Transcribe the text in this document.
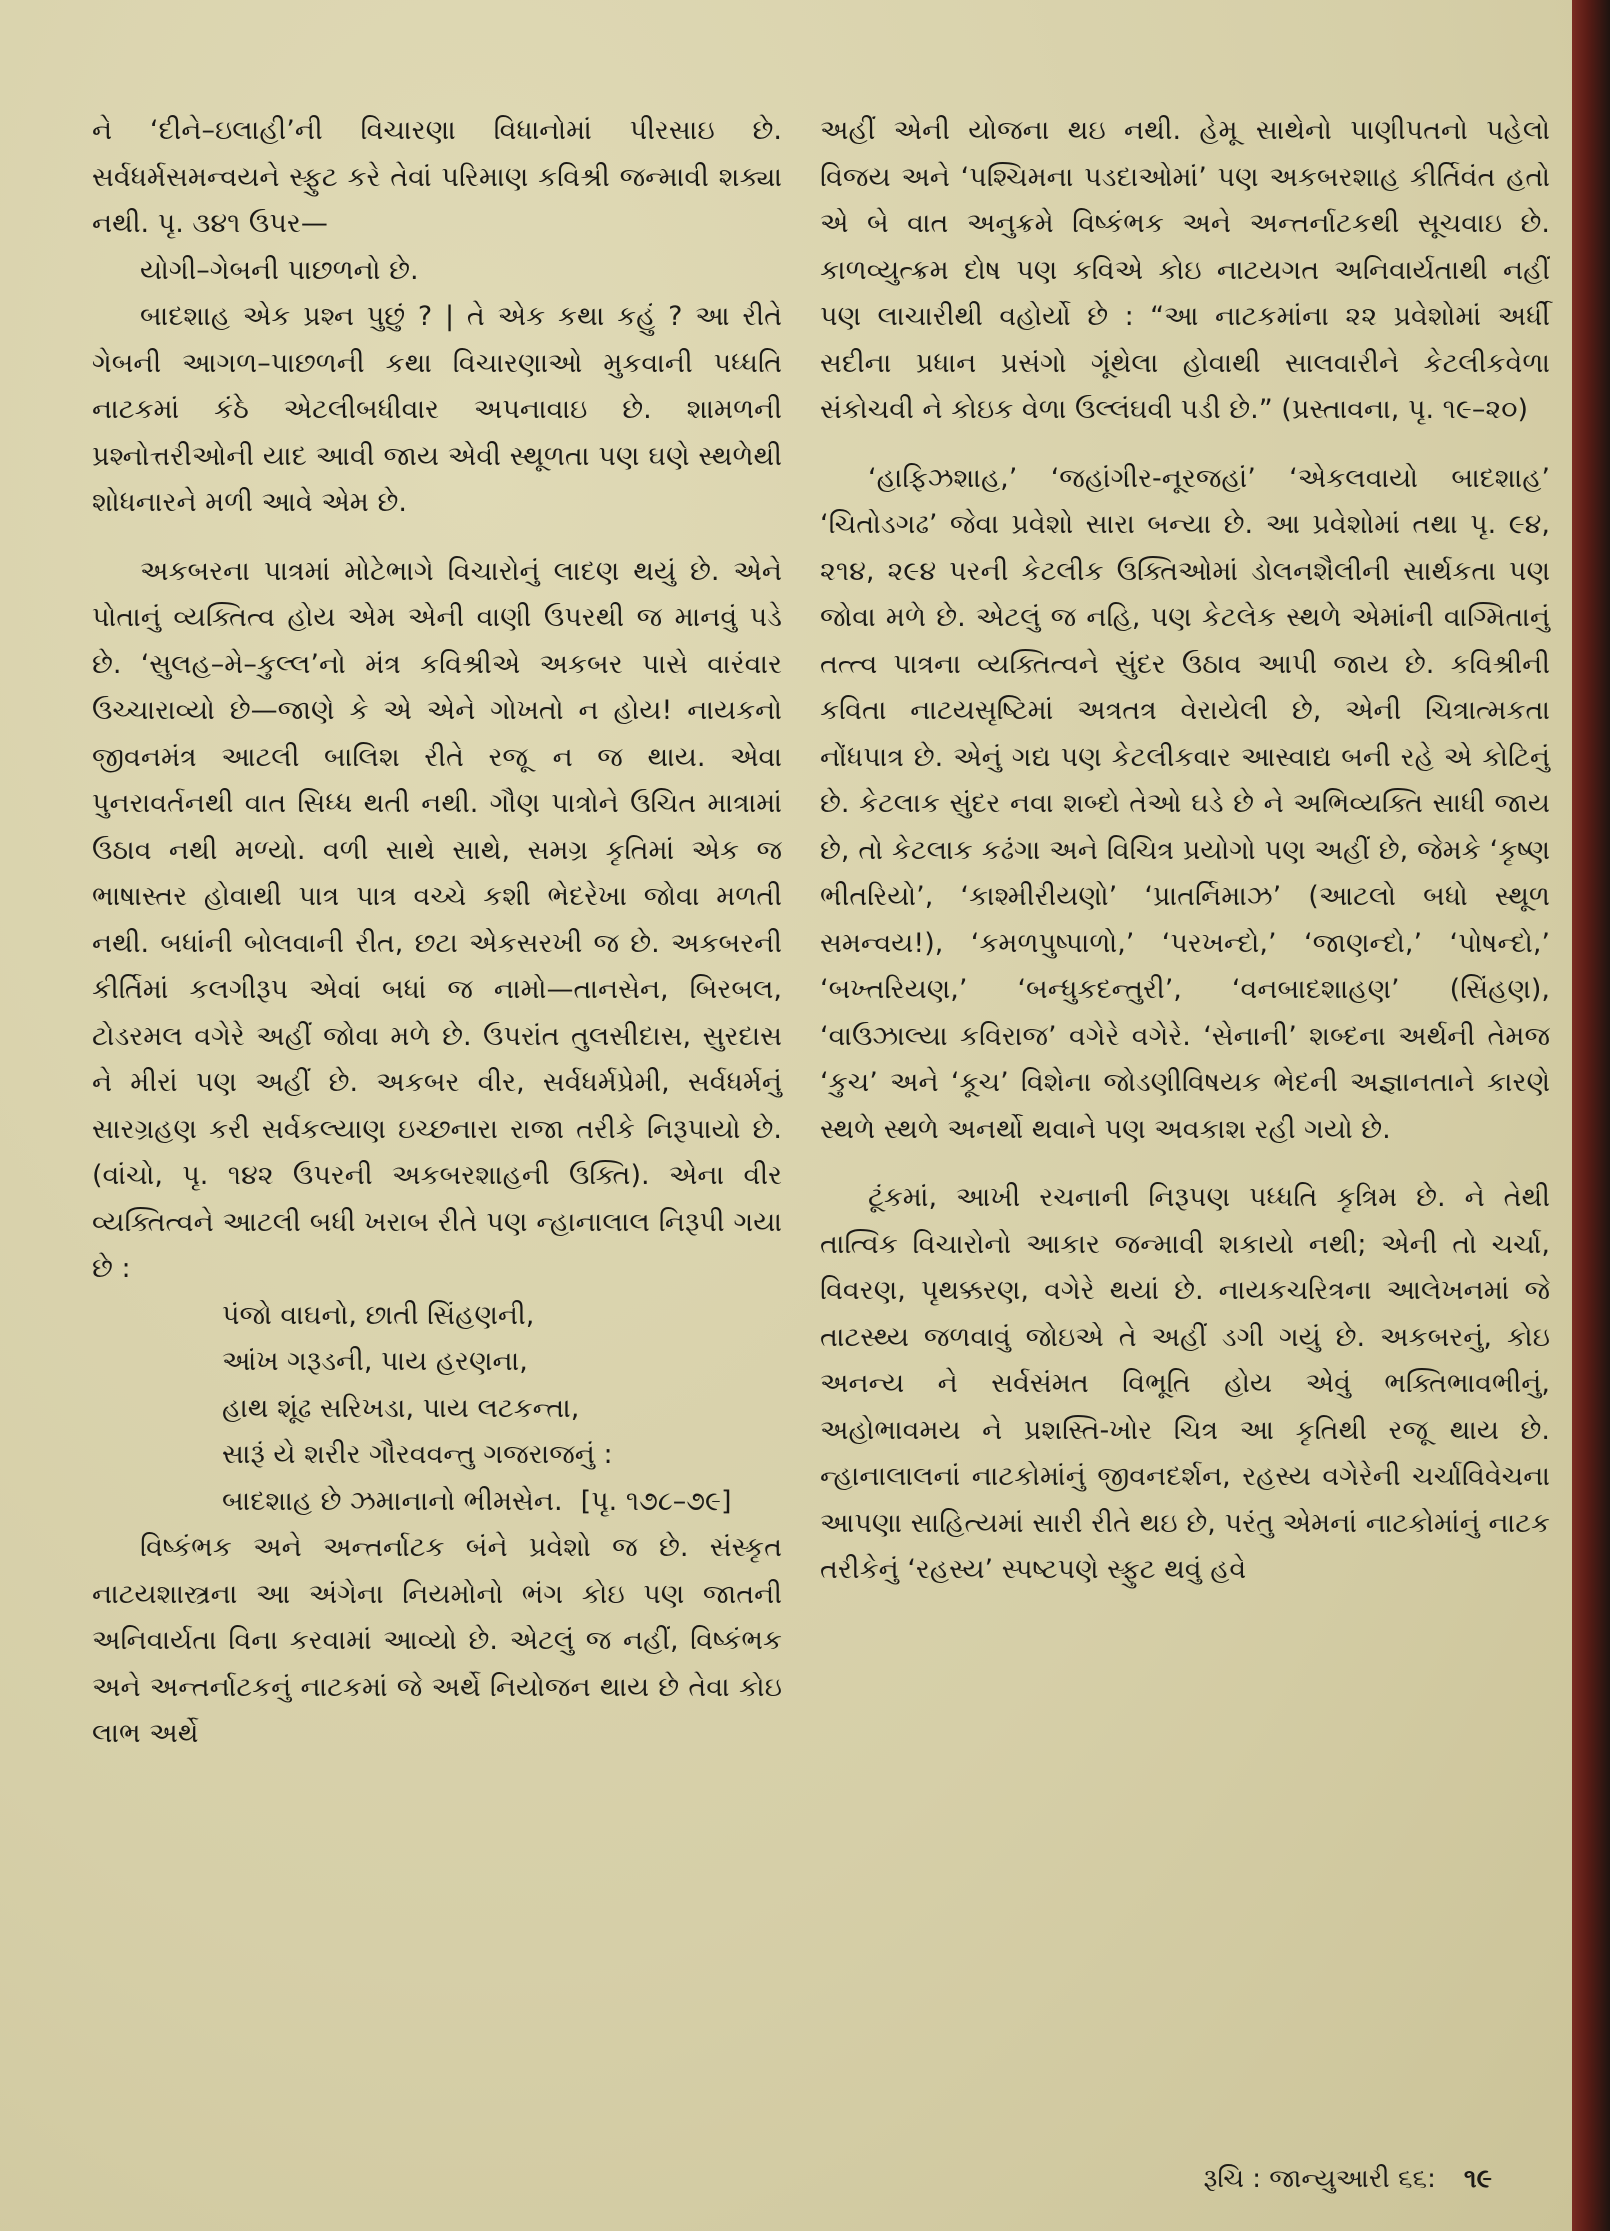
ને ‘દીને–ઇલાહી’ની વિચારણા વિધાનોમાં પીરસાઇ છે. સર્વધર્મસમન્વયને સ્ફુટ કરે તેવાં પરિમાણ કવિશ્રી જન્માવી શક્યા નથી. પૃ. ૩૪૧ ઉપર—

યોગી–ગેબની પાછળનો છે.

બાદશાહ એક પ્રશ્ન પુછું ? | તે એક કથા કહું ? આ રીતે ગેબની આગળ–પાછળની કથા વિચારણાઓ મુકવાની પધ્ધતિ નાટકમાં કંઠે એટલીબધીવાર અપનાવાઇ છે. શામળની પ્રશ્નોત્તરીઓની યાદ આવી જાય એવી સ્થૂળતા પણ ઘણે સ્થળેથી શોધનારને મળી આવે એમ છે.

અકબરના પાત્રમાં મોટેભાગે વિચારોનું લાદણ થયું છે. એને પોતાનું વ્યક્તિત્વ હોય એમ એની વાણી ઉપરથી જ માનવું પડે છે. ‘સુલહ–મે–કુલ્લ’નો મંત્ર કવિશ્રીએ અકબર પાસે વારંવાર ઉચ્ચારાવ્યો છે—જાણે કે એ એને ગોખતો ન હોય! નાયકનો જીવનમંત્ર આટલી બાલિશ રીતે રજૂ ન જ થાય. એવા પુનરાવર્તનથી વાત સિધ્ધ થતી નથી. ગૌણ પાત્રોને ઉચિત માત્રામાં ઉઠાવ નથી મળ્યો. વળી સાથે સાથે, સમગ્ર કૃતિમાં એક જ ભાષાસ્તર હોવાથી પાત્ર પાત્ર વચ્ચે કશી ભેદરેખા જોવા મળતી નથી. બધાંની બોલવાની રીત, છટા એકસરખી જ છે. અકબરની કીર્તિમાં કલગીરૂપ એવાં બધાં જ નામો—તાનસેન, બિરબલ, ટોડરમલ વગેરે અહીં જોવા મળે છે. ઉપરાંત તુલસીદાસ, સુરદાસ ને મીરાં પણ અહીં છે. અકબર વીર, સર્વધર્મપ્રેમી, સર્વધર્મનું સારગ્રહણ કરી સર્વકલ્યાણ ઇચ્છનારા રાજા તરીકે નિરૂપાયો છે. (વાંચો, પૃ. ૧૪૨ ઉપરની અકબરશાહની ઉક્તિ). એના વીર વ્યક્તિત્વને આટલી બધી ખરાબ રીતે પણ ન્હાનાલાલ નિરૂપી ગયા છે :

પંજો વાઘનો, છાતી સિંહણની,
આંખ ગરૂડની, પાય હરણના,
હાથ શૂંઢ સરિખડા, પાય લટકન્તા,
સારૂં યે શરીર ગૌરવવન્તુ ગજરાજનું :
બાદશાહ છે ઝમાનાનો ભીમસેન. [પૃ. ૧૭૮–૭૯]

વિષ્કંભક અને અન્તર્નાટક બંને પ્રવેશો જ છે. સંસ્કૃત નાટયશાસ્ત્રના આ અંગેના નિયમોનો ભંગ કોઇ પણ જાતની અનિવાર્યતા વિના કરવામાં આવ્યો છે. એટલું જ નહીં, વિષ્કંભક અને અન્તર્નાટકનું નાટકમાં જે અર્થે નિયોજન થાય છે તેવા કોઇ લાભ અર્થે

અહીં એની યોજના થઇ નથી. હેમૂ સાથેનો પાણીપતનો પહેલો વિજય અને ‘પશ્ચિમના પડદાઓમાં’ પણ અકબરશાહ કીર્તિવંત હતો એ બે વાત અનુક્રમે વિષ્કંભક અને અન્તર્નાટકથી સૂચવાઇ છે. કાળવ્યુત્ક્રમ દોષ પણ કવિએ કોઇ નાટયગત અનિવાર્યતાથી નહીં પણ લાચારીથી વહોર્યો છે : “આ નાટકમાંના ૨૨ પ્રવેશોમાં અર્ધી સદીના પ્રધાન પ્રસંગો ગૂંથેલા હોવાથી સાલવારીને કેટલીકવેળા સંકોચવી ને કોઇક વેળા ઉલ્લંઘવી પડી છે.” (પ્રસ્તાવના, પૃ. ૧૯–૨૦)

‘હાફિઝશાહ,’ ‘જહાંગીર-નૂરજહાં’ ‘એકલવાયો બાદશાહ’ ‘ચિતોડગઢ’ જેવા પ્રવેશો સારા બન્યા છે. આ પ્રવેશોમાં તથા પૃ. ૯૪, ૨૧૪, ૨૯૪ પરની કેટલીક ઉક્તિઓમાં ડોલનશૈલીની સાર્થકતા પણ જોવા મળે છે. એટલું જ નહિ, પણ કેટલેક સ્થળે એમાંની વાગ્મિતાનું તત્ત્વ પાત્રના વ્યક્તિત્વને સુંદર ઉઠાવ આપી જાય છે. કવિશ્રીની કવિતા નાટયસૃષ્ટિમાં અત્રતત્ર વેરાયેલી છે, એની ચિત્રાત્મકતા નોંધપાત્ર છે. એનું ગદ્ય પણ કેટલીકવાર આસ્વાદ્ય બની રહે એ કોટિનું છે. કેટલાક સુંદર નવા શબ્દો તેઓ ઘડે છે ને અભિવ્યક્તિ સાધી જાય છે, તો કેટલાક કઢંગા અને વિચિત્ર પ્રયોગો પણ અહીં છે, જેમકે ‘કૃષ્ણ ભીતરિયો’, ‘કાશ્મીરીયણો’ ‘પ્રાતર્નિમાઝ’ (આટલો બધો સ્થૂળ સમન્વય!), ‘કમળપુષ્પાળો,’ ‘પરખન્દો,’ ‘જાણન્દો,’ ‘પોષન્દો,’ ‘બખ્તરિયણ,’ ‘બન્ધુકદન્તુરી’, ‘વનબાદશાહણ’ (સિંહણ), ‘વાઉઝાલ્યા કવિરાજ’ વગેરે વગેરે. ‘સેનાની’ શબ્દના અર્થની તેમજ ‘કુચ’ અને ‘કૂચ’ વિશેના જોડણીવિષયક ભેદની અજ્ઞાનતાને કારણે સ્થળે સ્થળે અનર્થો થવાને પણ અવકાશ રહી ગયો છે.

ટૂંકમાં, આખી રચનાની નિરૂપણ પધ્ધતિ કૃત્રિમ છે. ને તેથી તાત્વિક વિચારોનો આકાર જન્માવી શકાયો નથી; એની તો ચર્ચા, વિવરણ, પૃથક્કરણ, વગેરે થયાં છે. નાયકચરિત્રના આલેખનમાં જે તાટસ્થ્ય જળવાવું જોઇએ તે અહીં ડગી ગયું છે. અકબરનું, કોઇ અનન્ય ને સર્વસંમત વિભૂતિ હોય એવું ભક્તિભાવભીનું, અહોભાવમય ને પ્રશસ્તિ-ખોર ચિત્ર આ કૃતિથી રજૂ થાય છે. ન્હાનાલાલનાં નાટકોમાંનું જીવનદર્શન, રહસ્ય વગેરેની ચર્ચાવિવેચના આપણા સાહિત્યમાં સારી રીતે થઇ છે, પરંતુ એમનાં નાટકોમાંનું નાટક તરીકેનું ‘રહસ્ય’ સ્પષ્ટપણે સ્ફુટ થવું હવે

રૂચિ : જાન્યુઆરી ૬૬: ૧૯
